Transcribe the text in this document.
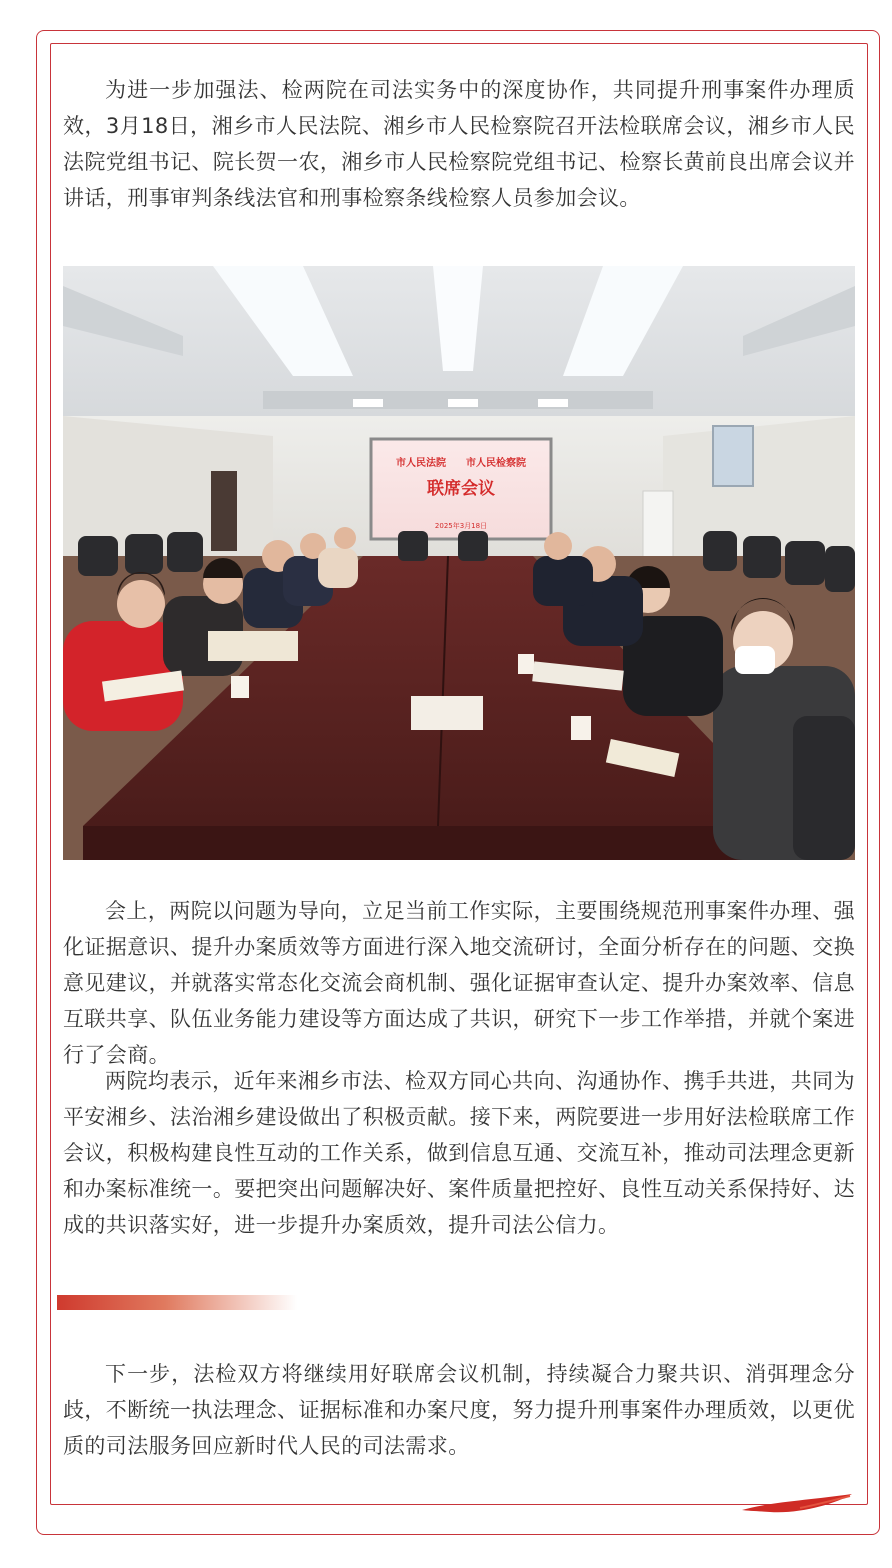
为进一步加强法、检两院在司法实务中的深度协作，共同提升刑事案件办理质效，3月18日，湘乡市人民法院、湘乡市人民检察院召开法检联席会议，湘乡市人民法院党组书记、院长贺一农，湘乡市人民检察院党组书记、检察长黄前良出席会议并讲话，刑事审判条线法官和刑事检察条线检察人员参加会议。

市人民法院　　市人民检察院
联席会议
2025年3月18日

会上，两院以问题为导向，立足当前工作实际，主要围绕规范刑事案件办理、强化证据意识、提升办案质效等方面进行深入地交流研讨，全面分析存在的问题、交换意见建议，并就落实常态化交流会商机制、强化证据审查认定、提升办案效率、信息互联共享、队伍业务能力建设等方面达成了共识，研究下一步工作举措，并就个案进行了会商。

两院均表示，近年来湘乡市法、检双方同心共向、沟通协作、携手共进，共同为平安湘乡、法治湘乡建设做出了积极贡献。接下来，两院要进一步用好法检联席工作会议，积极构建良性互动的工作关系，做到信息互通、交流互补，推动司法理念更新和办案标准统一。要把突出问题解决好、案件质量把控好、良性互动关系保持好、达成的共识落实好，进一步提升办案质效，提升司法公信力。

下一步，法检双方将继续用好联席会议机制，持续凝合力聚共识、消弭理念分歧，不断统一执法理念、证据标准和办案尺度，努力提升刑事案件办理质效，以更优质的司法服务回应新时代人民的司法需求。
